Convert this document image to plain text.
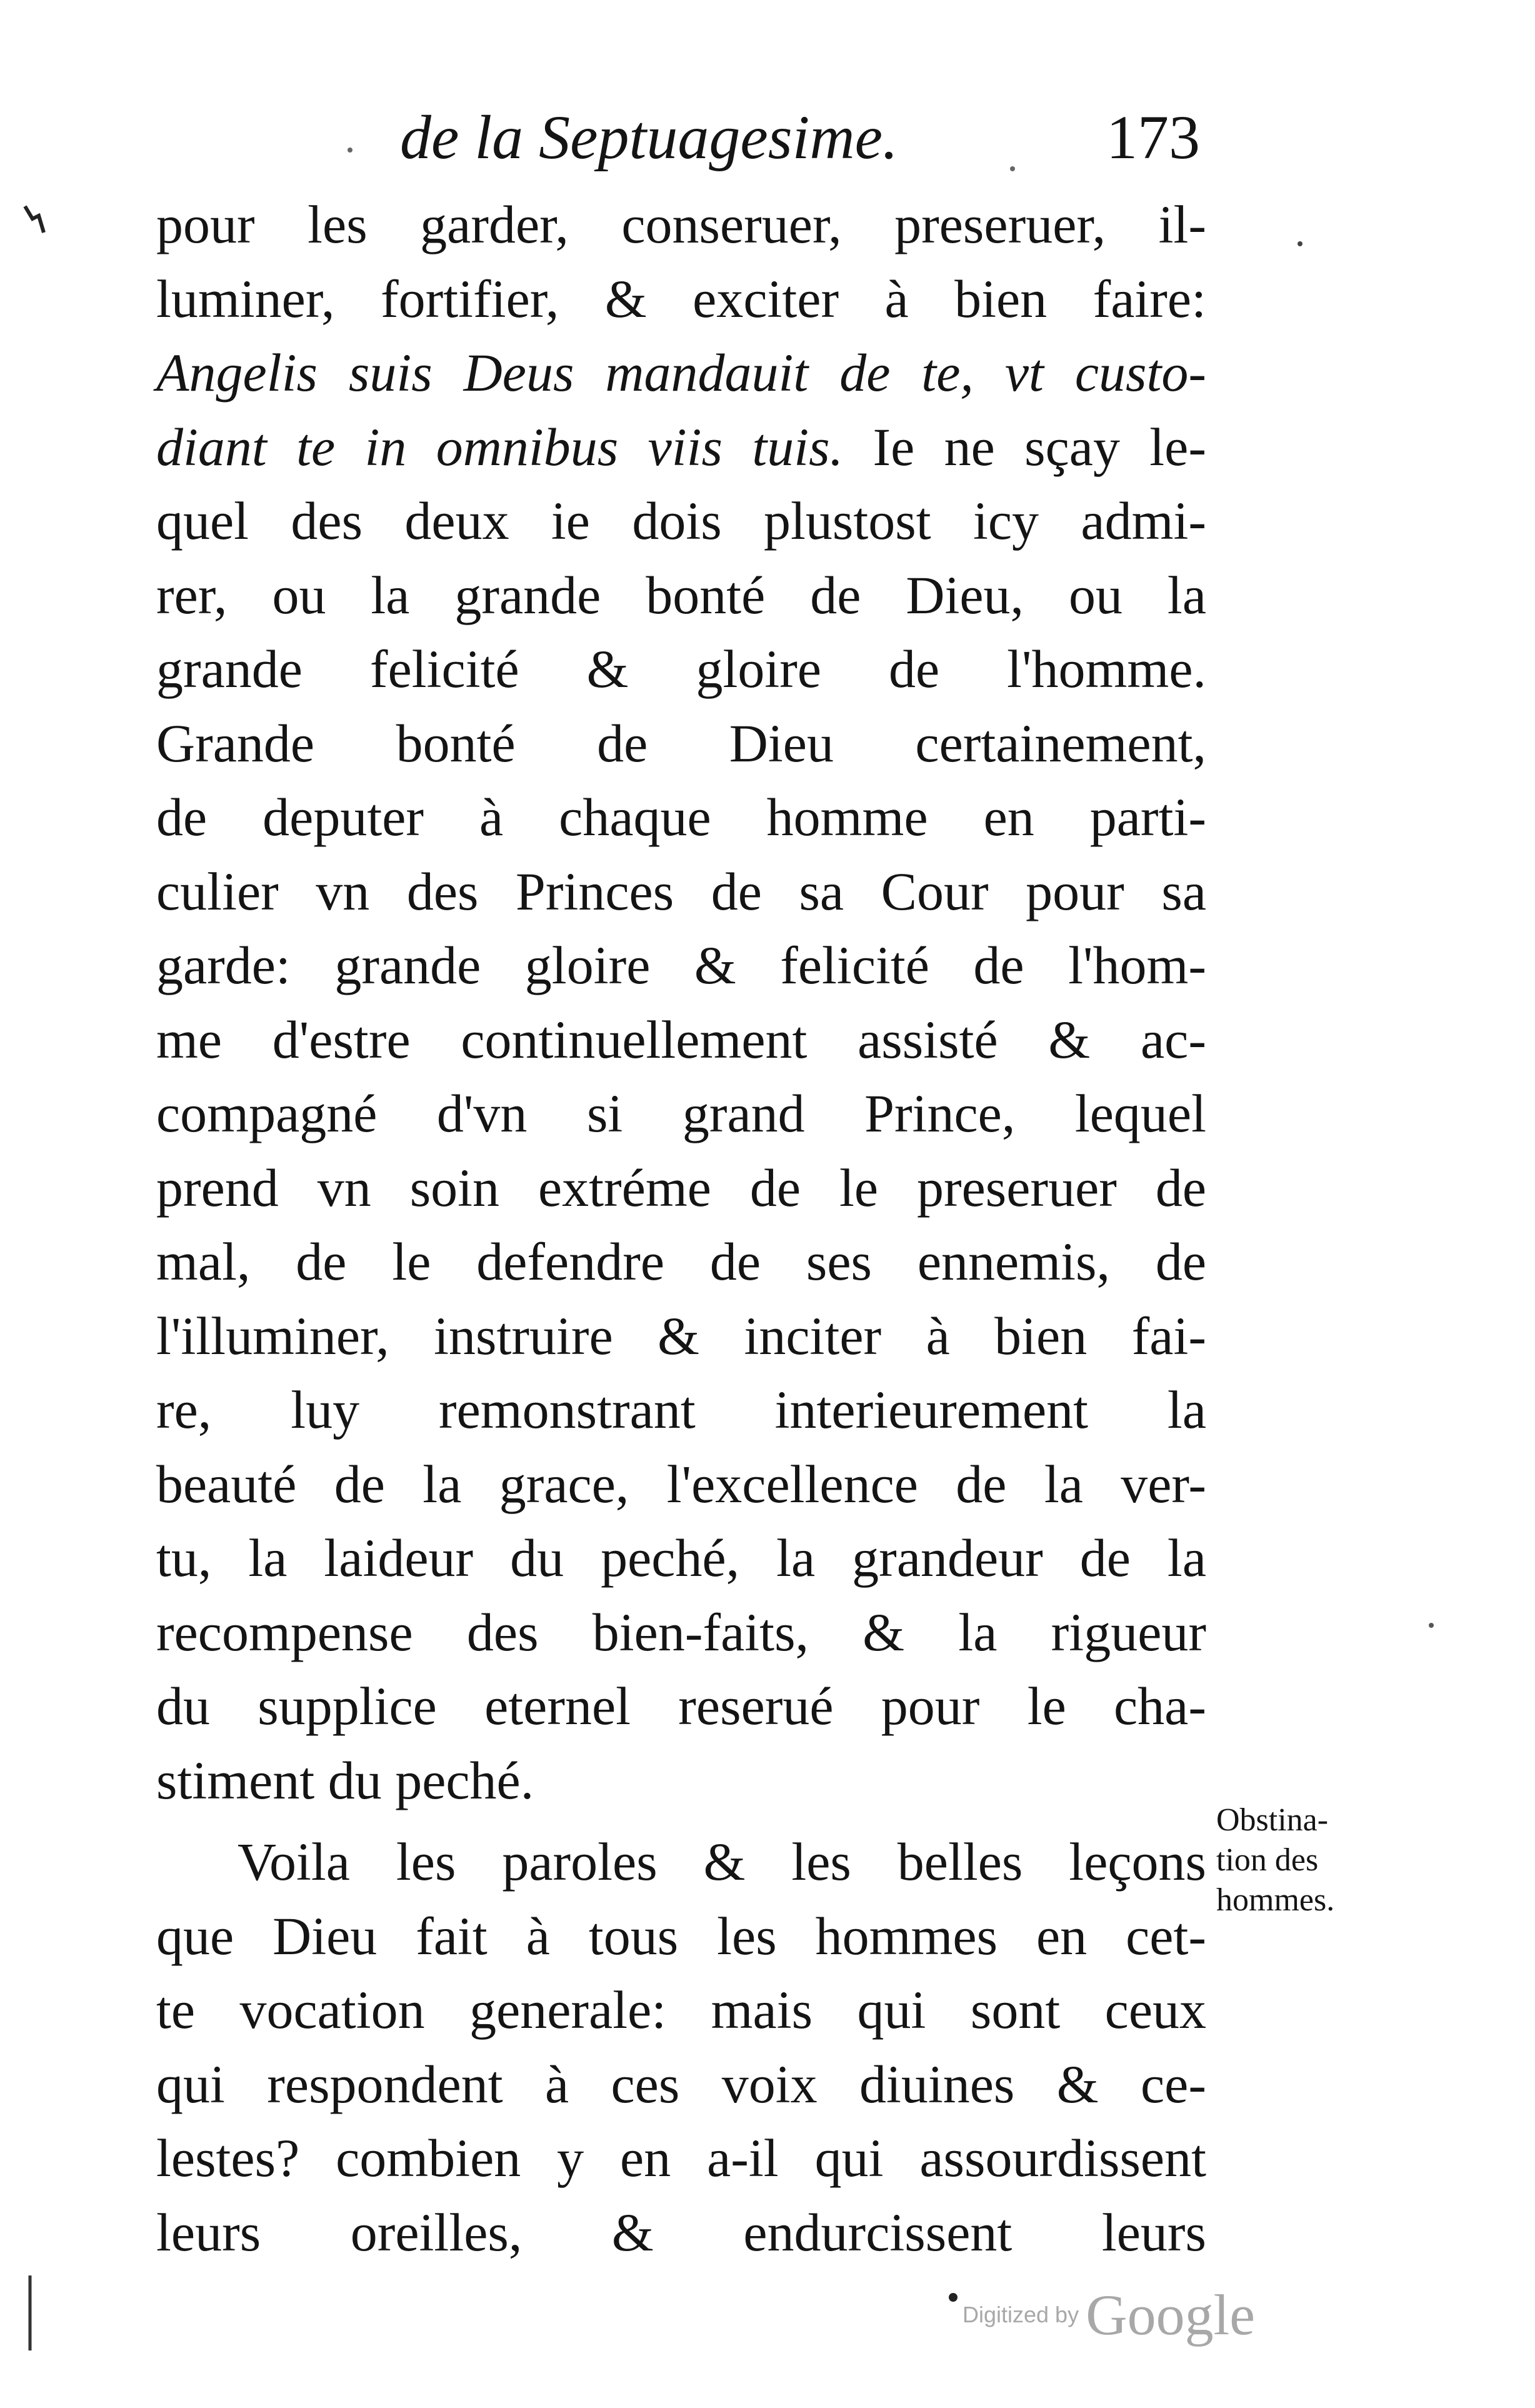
de la Septuagesime.	173
pour les garder, conseruer, preseruer, il-
luminer, fortifier, & exciter à bien faire:
Angelis suis Deus mandauit de te, vt custo-
diant te in omnibus viis tuis. Ie ne sçay le-
quel des deux ie dois plustost icy admi-
rer, ou la grande bonté de Dieu, ou la
grande felicité & gloire de l'homme.
Grande bonté de Dieu certainement,
de deputer à chaque homme en parti-
culier vn des Princes de sa Cour pour sa
garde: grande gloire & felicité de l'hom-
me d'estre continuellement assisté & ac-
compagné d'vn si grand Prince, lequel
prend vn soin extréme de le preseruer de
mal, de le defendre de ses ennemis, de
l'illuminer, instruire & inciter à bien fai-
re, luy remonstrant interieurement la
beauté de la grace, l'excellence de la ver-
tu, la laideur du peché, la grandeur de la
recompense des bien-faits, & la rigueur
du supplice eternel reserué pour le cha-
stiment du peché.
Voila les paroles & les belles leçons
que Dieu fait à tous les hommes en cet-
te vocation generale: mais qui sont ceux
qui respondent à ces voix diuines & ce-
lestes? combien y en a-il qui assourdissent
leurs oreilles, & endurcissent leurs
Obstina-
tion des
hommes.
Digitized by Google
